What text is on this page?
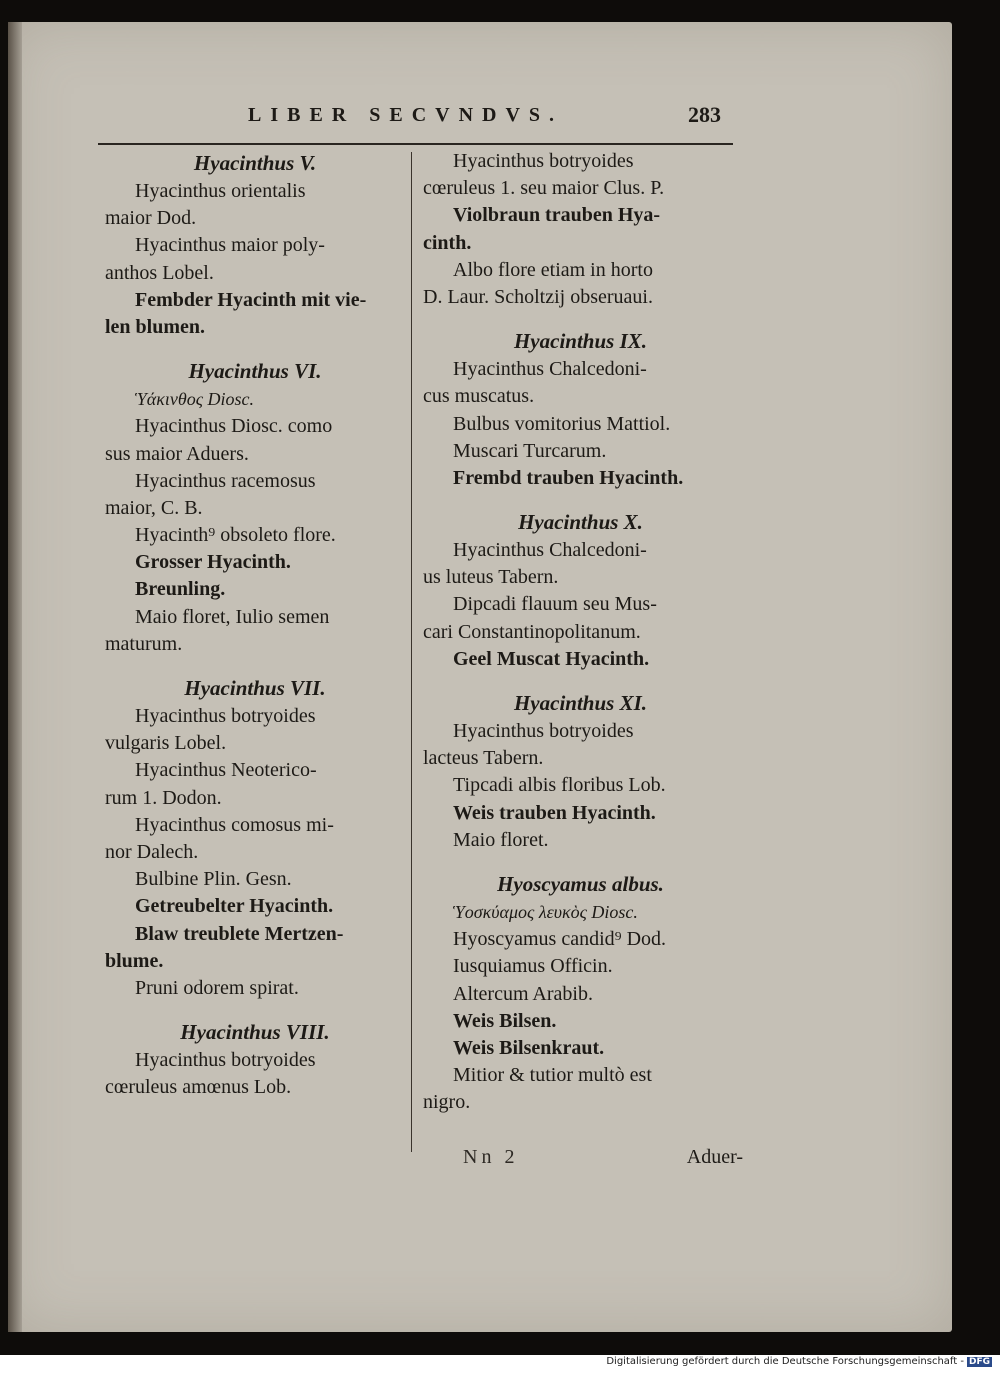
LIBER SECVNDVS.	283
Hyacinthus V.
Hyacinthus orientalis
maior Dod.
Hyacinthus maior poly-
anthos Lobel.
Fembder Hyacinth mit vie-
len blumen.
Hyacinthus VI.
Ὑάκινθος Diosc.
Hyacinthus Diosc. como
sus maior Aduers.
Hyacinthus racemosus
maior, C. B.
Hyacinth⁹ obsoleto flore.
Grosser Hyacinth.
Breunling.
Maio floret, Iulio semen
maturum.
Hyacinthus VII.
Hyacinthus botryoides
vulgaris Lobel.
Hyacinthus Neoterico-
rum 1. Dodon.
Hyacinthus comosus mi-
nor Dalech.
Bulbine Plin. Gesn.
Getreubelter Hyacinth.
Blaw treublete Mertzen-
blume.
Pruni odorem spirat.
Hyacinthus VIII.
Hyacinthus botryoides
cœruleus amœnus Lob.
Hyacinthus botryoides
cœruleus 1. seu maior Clus. P.
Violbraun trauben Hya-
cinth.
Albo flore etiam in horto
D. Laur. Scholtzij obseruaui.
Hyacinthus IX.
Hyacinthus Chalcedoni-
cus muscatus.
Bulbus vomitorius Mattiol.
Muscari Turcarum.
Frembd trauben Hyacinth.
Hyacinthus X.
Hyacinthus Chalcedoni-
us luteus Tabern.
Dipcadi flauum seu Mus-
cari Constantinopolitanum.
Geel Muscat Hyacinth.
Hyacinthus XI.
Hyacinthus botryoides
lacteus Tabern.
Tipcadi albis floribus Lob.
Weis trauben Hyacinth.
Maio floret.
Hyoscyamus albus.
Ὑοσκύαμος λευκὸς Diosc.
Hyoscyamus candid⁹ Dod.
Iusquiamus Officin.
Altercum Arabib.
Weis Bilsen.
Weis Bilsenkraut.
Mitior & tutior multò est
nigro.
Nn 2	Aduer-
Digitalisierung gefördert durch die Deutsche Forschungsgemeinschaft - DFG
